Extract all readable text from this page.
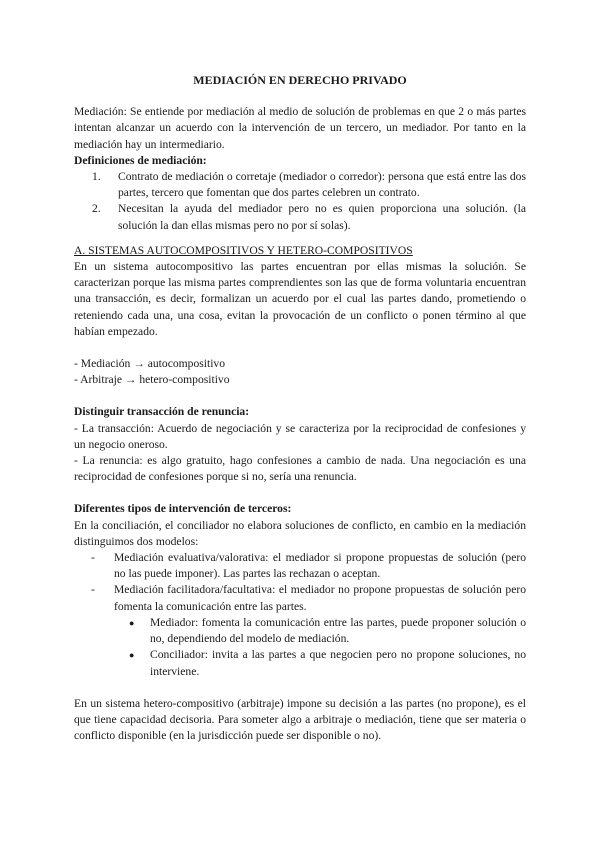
MEDIACIÓN EN DERECHO PRIVADO

Mediación: Se entiende por mediación al medio de solución de problemas en que 2 o más partes intentan alcanzar un acuerdo con la intervención de un tercero, un mediador. Por tanto en la mediación hay un intermediario.

Definiciones de mediación:
1.	Contrato de mediación o corretaje (mediador o corredor): persona que está entre las dos partes, tercero que fomentan que dos partes celebren un contrato.
2.	Necesitan la ayuda del mediador pero no es quien proporciona una solución. (la solución la dan ellas mismas pero no por sí solas).
A. SISTEMAS AUTOCOMPOSITIVOS Y HETERO-COMPOSITIVOS

En un sistema autocompositivo las partes encuentran por ellas mismas la solución. Se caracterizan porque las misma partes comprendientes son las que de forma voluntaria encuentran una transacción, es decir, formalizan un acuerdo por el cual las partes dando, prometiendo o reteniendo cada una, una cosa, evitan la provocación de un conflicto o ponen término al que habían empezado.

- Mediación → autocompositivo
- Arbitraje → hetero-compositivo
Distinguir transacción de renuncia:

- La transacción: Acuerdo de negociación y se caracteriza por la reciprocidad de confesiones y un negocio oneroso.

- La renuncia: es algo gratuito, hago confesiones a cambio de nada. Una negociación es una reciprocidad de confesiones porque si no, sería una renuncia.

Diferentes tipos de intervención de terceros:

En la conciliación, el conciliador no elabora soluciones de conflicto, en cambio en la mediación distinguimos dos modelos:

-	Mediación evaluativa/valorativa: el mediador si propone propuestas de solución (pero no las puede imponer). Las partes las rechazan o aceptan.
-	Mediación facilitadora/facultativa: el mediador no propone propuestas de solución pero fomenta la comunicación entre las partes.
●	Mediador: fomenta la comunicación entre las partes, puede proponer solución o no, dependiendo del modelo de mediación.
●	Conciliador: invita a las partes a que negocien pero no propone soluciones, no interviene.

En un sistema hetero-compositivo (arbitraje) impone su decisión a las partes (no propone), es el que tiene capacidad decisoria. Para someter algo a arbitraje o mediación, tiene que ser materia o conflicto disponible (en la jurisdicción puede ser disponible o no).
